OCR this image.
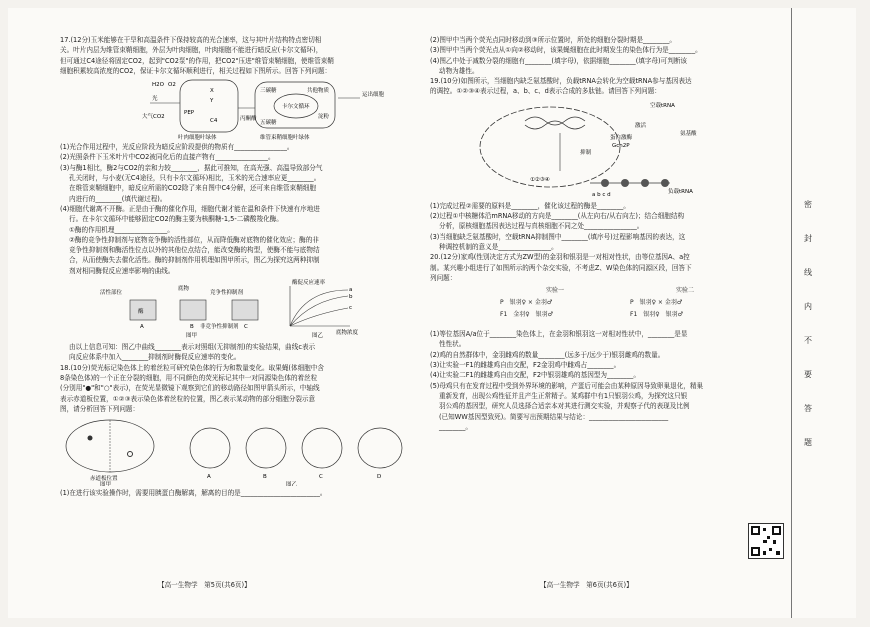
17.(12分)玉米能够在干旱和高温条件下保持较高的光合速率，这与其叶片结构特点密切相

关。叶片内层为维管束鞘细胞，外层为叶肉细胞，叶肉细胞不能进行暗反应(卡尔文循环)，

但可通过C4途径将固定CO2，起到"CO2泵"的作用，把CO2"压进"维管束鞘细胞，使维管束鞘

细胞积累较高浓度的CO2，保证卡尔文循环顺利进行，相关过程如下图所示。回答下列问题：

H2O O2
光
X
Y
PEP
C4
大气CO2
三碳糖	共他物质
卡尔文循环
五碳糖
淀粉
丙酮酸
运出细胞
叶肉细胞叶绿体	维管束鞘细胞叶绿体

(1)光合作用过程中，光反应阶段为暗反应阶段提供的物质有________________。

(2)光照条件下玉米叶片中CO2被同化后的直接产物有________________。

(3)与酶1相比，酶2与CO2的亲和力较________，据此可推知，在高光强、高温导致部分气

孔关闭时，与小麦(无C4途径，只有卡尔文循环)相比，玉米的光合速率应更________。

在维管束鞘细胞中，暗反应所需的CO2除了来自图中C4分解，还可来自维管束鞘细胞

内进行的________(填代谢过程)。

(4)细胞代谢离不开酶。正是由于酶的催化作用，细胞代谢才能在温和条件下快速有序地进

行。在卡尔文循环中能够固定CO2的酶主要为核酮糖-1,5-二磷酸羧化酶。

①酶的作用机理________________。

②酶的竞争性抑制剂与底物竞争酶的活性部位，从而降低酶对底物的催化效应；酶的非

竞争性抑制剂和酶活性位点以外的其他位点结合，能改变酶的构型，使酶不能与底物结

合，从而使酶失去催化活性。酶的抑制剂作用机理如图甲所示，图乙为探究这两种抑制

剂对相同酶促反应速率影响的曲线。

酶
活性部位
底物
竞争性抑制剂
非竞争性抑制剂
A	B	C
图甲
酶促反应速率
底物浓度
a
b
c
图乙

由以上信息可知：图乙中曲线________表示对照组(无抑制剂)的实验结果，曲线c表示

向反应体系中加入________抑制剂时酶促反应速率的变化。

18.(10分)荧光标记染色体上的着丝粒可研究染色体的行为和数量变化。取果蝇(体细胞中含

8条染色体)的一个正在分裂的细胞，用不同颜色的荧光标记其中一对同源染色体的着丝粒

(分别用"●"和"○"表示)，在荧光显微镜下观察到它们的移动路径如图甲箭头所示，中轴线

表示赤道板位置，①②③表示染色体着丝粒的位置，图乙表示某动物的部分细胞分裂示意

图，请分析回答下列问题：

赤道板位置	A	B	C	D
图甲	图乙

(1)在进行该实验操作时，需要用胰蛋白酶解离，解离的目的是________________________。

【高一生物学　第5页(共6页)】

(2)图甲中当两个荧光点同时移动到③所示位置时，所处的细胞分裂时期是________。

(3)图甲中当两个荧光点从①向②移动时，该果蝇细胞在此时期发生的染色体行为是________。

(4)图乙中处于减数分裂的细胞有________(填字母)，依据细胞________(填字母)可判断该

动物为雄性。

19.(10分)如图所示，当细胞内缺乏氨基酸时，负载tRNA会转化为空载tRNA参与基因表达

的调控。①②③④表示过程，a、b、c、d表示合成的多肽链。请回答下列问题：

抑制
蛋白激酶
Gcn2P
空载tRNA
激活
氨基酸
负载tRNA
①②③④
a b c d

(1)完成过程②需要的原料是________，催化该过程的酶是________。

(2)过程①中核糖体沿mRNA移动的方向是________(从左向右/从右向左)；结合细胞结构

分析，原核细胞基因表达过程与真核细胞不同之处________________。

(3)当细胞缺乏氨基酸时，空载tRNA抑制图中________(填序号)过程影响基因的表达，这

种调控机制的意义是________________。

20.(12分)家鸡(性别决定方式为ZW型)的金羽和银羽是一对相对性状，由等位基因A、a控

制。某兴趣小组进行了如图所示的两个杂交实验，不考虑Z、W染色体的同源区段，回答下

列问题：

实验一
P　银羽♀ × 金羽♂
F1　金羽♀　银羽♂
实验二
P　银羽♀ × 金羽♂
F1　银羽♀　银羽♂

(1)等位基因A/a位于________染色体上，在金羽和银羽这一对相对性状中，________是显

性性状。

(2)鸡的自然群体中，金羽雌鸡的数量________(远多于/远少于)银羽雌鸡的数量。

(3)让实验一F1的雌雄鸡自由交配，F2金羽鸡中雌鸡占________。

(4)让实验二F1的雌雄鸡自由交配，F2中银羽雄鸡的基因型为________。

(5)母鸡只有在发育过程中受到外界环境的影响，产蛋后可能会由某种原因导致卵巢退化，精巢

重新发育，出现公鸡性征并且产生正常精子。某鸡群中有1只银羽公鸡，为探究这只银

羽公鸡的基因型，研究人员选择合适亲本对其进行测交实验，并观察子代的表现及比例

(已知WW基因型致死)。简要写出预期结果与结论：________________________

________。

【高一生物学　第6页(共6页)】
密
封
线
内
不
要
答
题
